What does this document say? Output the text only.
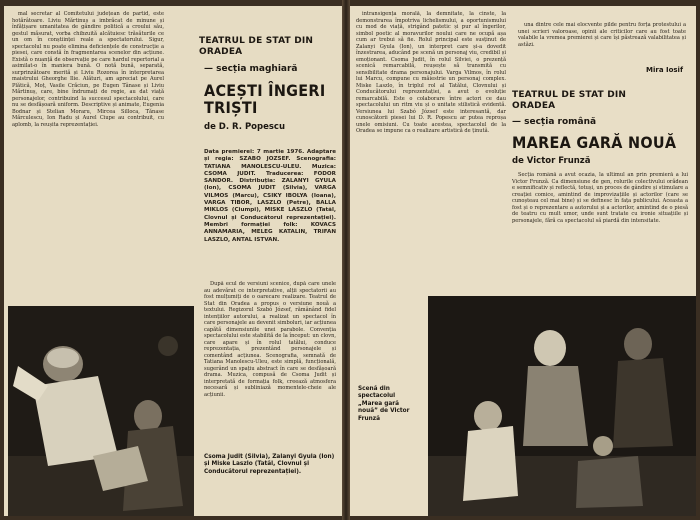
mal secretar al Comitetului județean de partid, este hotărâtoare. Liviu Mărtinuș a imbrăcat de minune și înfățișare umanitatea de gândire politică a croului său, gestul măsurat, vorba chibzuită alcătuiesc trăsăturile ce un om în conștiinței reale a spectatorului. Sigur, spectacolul nu poate elimina deficiențele de construcție a piesei, care constă în fragmentarea scenelor din acțiune. Există o nuanță de observație pe care hardul repertorial a asimilat-o în maniera bună. O notă bună, separată, surprinzătoare merită și Liviu Rozorea în interpretarea maistrului Gheorghe Ilie. Alături, am apreciat pe Aurel Plătică, Moț, Vasile Crăciun, pe Eugen Tânase și Liviu Mărtinuș, care, bine îndrumați de regie, au dat viață personajelor, contribuind la succesul spectacolului, care nu se desfășoară uniform. Descriptive și animate, Eugenia Bodnar și Stelian Moraru, Mircea Silloca, Tănase Mărculescu, Ion Radu și Aurel Ciupe au contribuit, cu aplomb, la reușita reprezentației.

TEATRUL DE STAT DIN ORADEA
— secția maghiară
ACEȘTI ÎNGERI TRIȘTI
de D. R. Popescu
Data premierei: 7 martie 1976. Adaptare și regia: SZABO JOZSEF. Scenografia: TATIANA MANOLESCU-ULEU. Muzica: CSOMA JUDIT. Traducerea: FODOR SANDOR. Distribuția: ZALANYI GYULA (Ion), CSOMA JUDIT (Silvia), VARGA VILMOS (Marcu), CSIKY IBOLYA (Ioana), VARGA TIBOR, LASZLO (Petre), BALLA MIKLOS (Ciumpi), MISKE LASZLO (Tatăl, Clovnul și Conducătorul reprezentației). Membri formației folk: KOVACS ANNAMARIA, MELEG KATALIN, TRIFAN LASZLO, ANTAL ISTVAN.

După ecul de versiuni scenice, după care unele au adevărat ce interpretative, alții spectatorii au fost mulțumiți de o oarecare realizare. Teatrul de Stat din Oradea a propus o versiune nouă a textului. Regizorul Szabó József, rămânând fidel intențiilor autorului, a realizat un spectacol în care personajele au devenit simboluri, iar acțiunea capătă dimensiunile unei parabole. Convenția spectacolului este stabilită de la început: un clovn, care apare și în rolul tatălui, conduce reprezentația, prezentând personajele și comentând acțiunea. Scenografia, semnată de Tatiana Manolescu-Uleu, este simplă, funcțională, sugerând un spațiu abstract în care se desfășoară drama. Muzica, compusă de Csoma Judit și interpretată de formația folk, creează atmosfera necesară și subliniază momentele-cheie ale acțiunii.

Csoma Judit (Silvia), Zalanyi Gyula (Ion) și Miske Laszlo (Tatăl, Clovnul și Conducătorul reprezentației).

intransigența morală, la demnitate, la cinste, la demonstrarea împotriva lichelismului, a oportunismului cu mod de viață, strigând patetic și pur al îngerilor, simbol poetic al moravurilor noului care ne ocupă așa cum ar trebui să fie. Rolul principal este susținut de Zalanyi Gyula (Ion), un interpret care și-a dovedit înzestrarea, aducând pe scenă un personaj viu, credibil și emoționant. Csoma Judit, în rolul Silviei, o prezență scenică remarcabilă, reușește să transmită cu sensibilitate drama personajului. Varga Vilmos, în rolul lui Marcu, compune cu măiestrie un personaj complex. Miske Laszlo, în triplul rol al Tatălui, Clovnului și Conducătorului reprezentației, a avut o evoluție remarcabilă. Este o colaborare între actori ce dau spectacolului un ritm viu și o unitate stilistică evidentă. Versiunea lui Szabó József este interesantă, dar cunoscătorii piesei lui D. R. Popescu ar putea reproșa unele omisiuni. Cu toate acestea, spectacolul de la Oradea se impune ca o realizare artistică de ținută.

una dintre cele mai elocvente pilde pentru forța protestului a unei scrieri valoroase, opinii ale criticilor care au fost toate valabile la vremea premierei și care își păstrează valabilitatea și astăzi.

Mira Iosif
TEATRUL DE STAT DIN ORADEA
— secția română
MAREA GARĂ NOUĂ
de Victor Frunză

Secția română a avut ocazia, la ultimul an prin premieră a lui Victor Frunză. Ca dimensiune de gen, rolurile colectivului orădean e semnificativ și reflectă, totuși, un proces de gândire și stimulare a creației comice, amintind de improvizațiile și actorilor (care se cunoșteau cel mai bine) și se definesc în fața publicului. Aceasta a fost și o reprezentare a autorului și a actorilor, amintind de o piesă de teatru cu mult umor, unde sunt tratate cu ironie situațiile și personajele, fără ca spectacolul să piardă din intensitate.

Scenă din spectacolul „Marea gară nouă” de Victor Frunză
